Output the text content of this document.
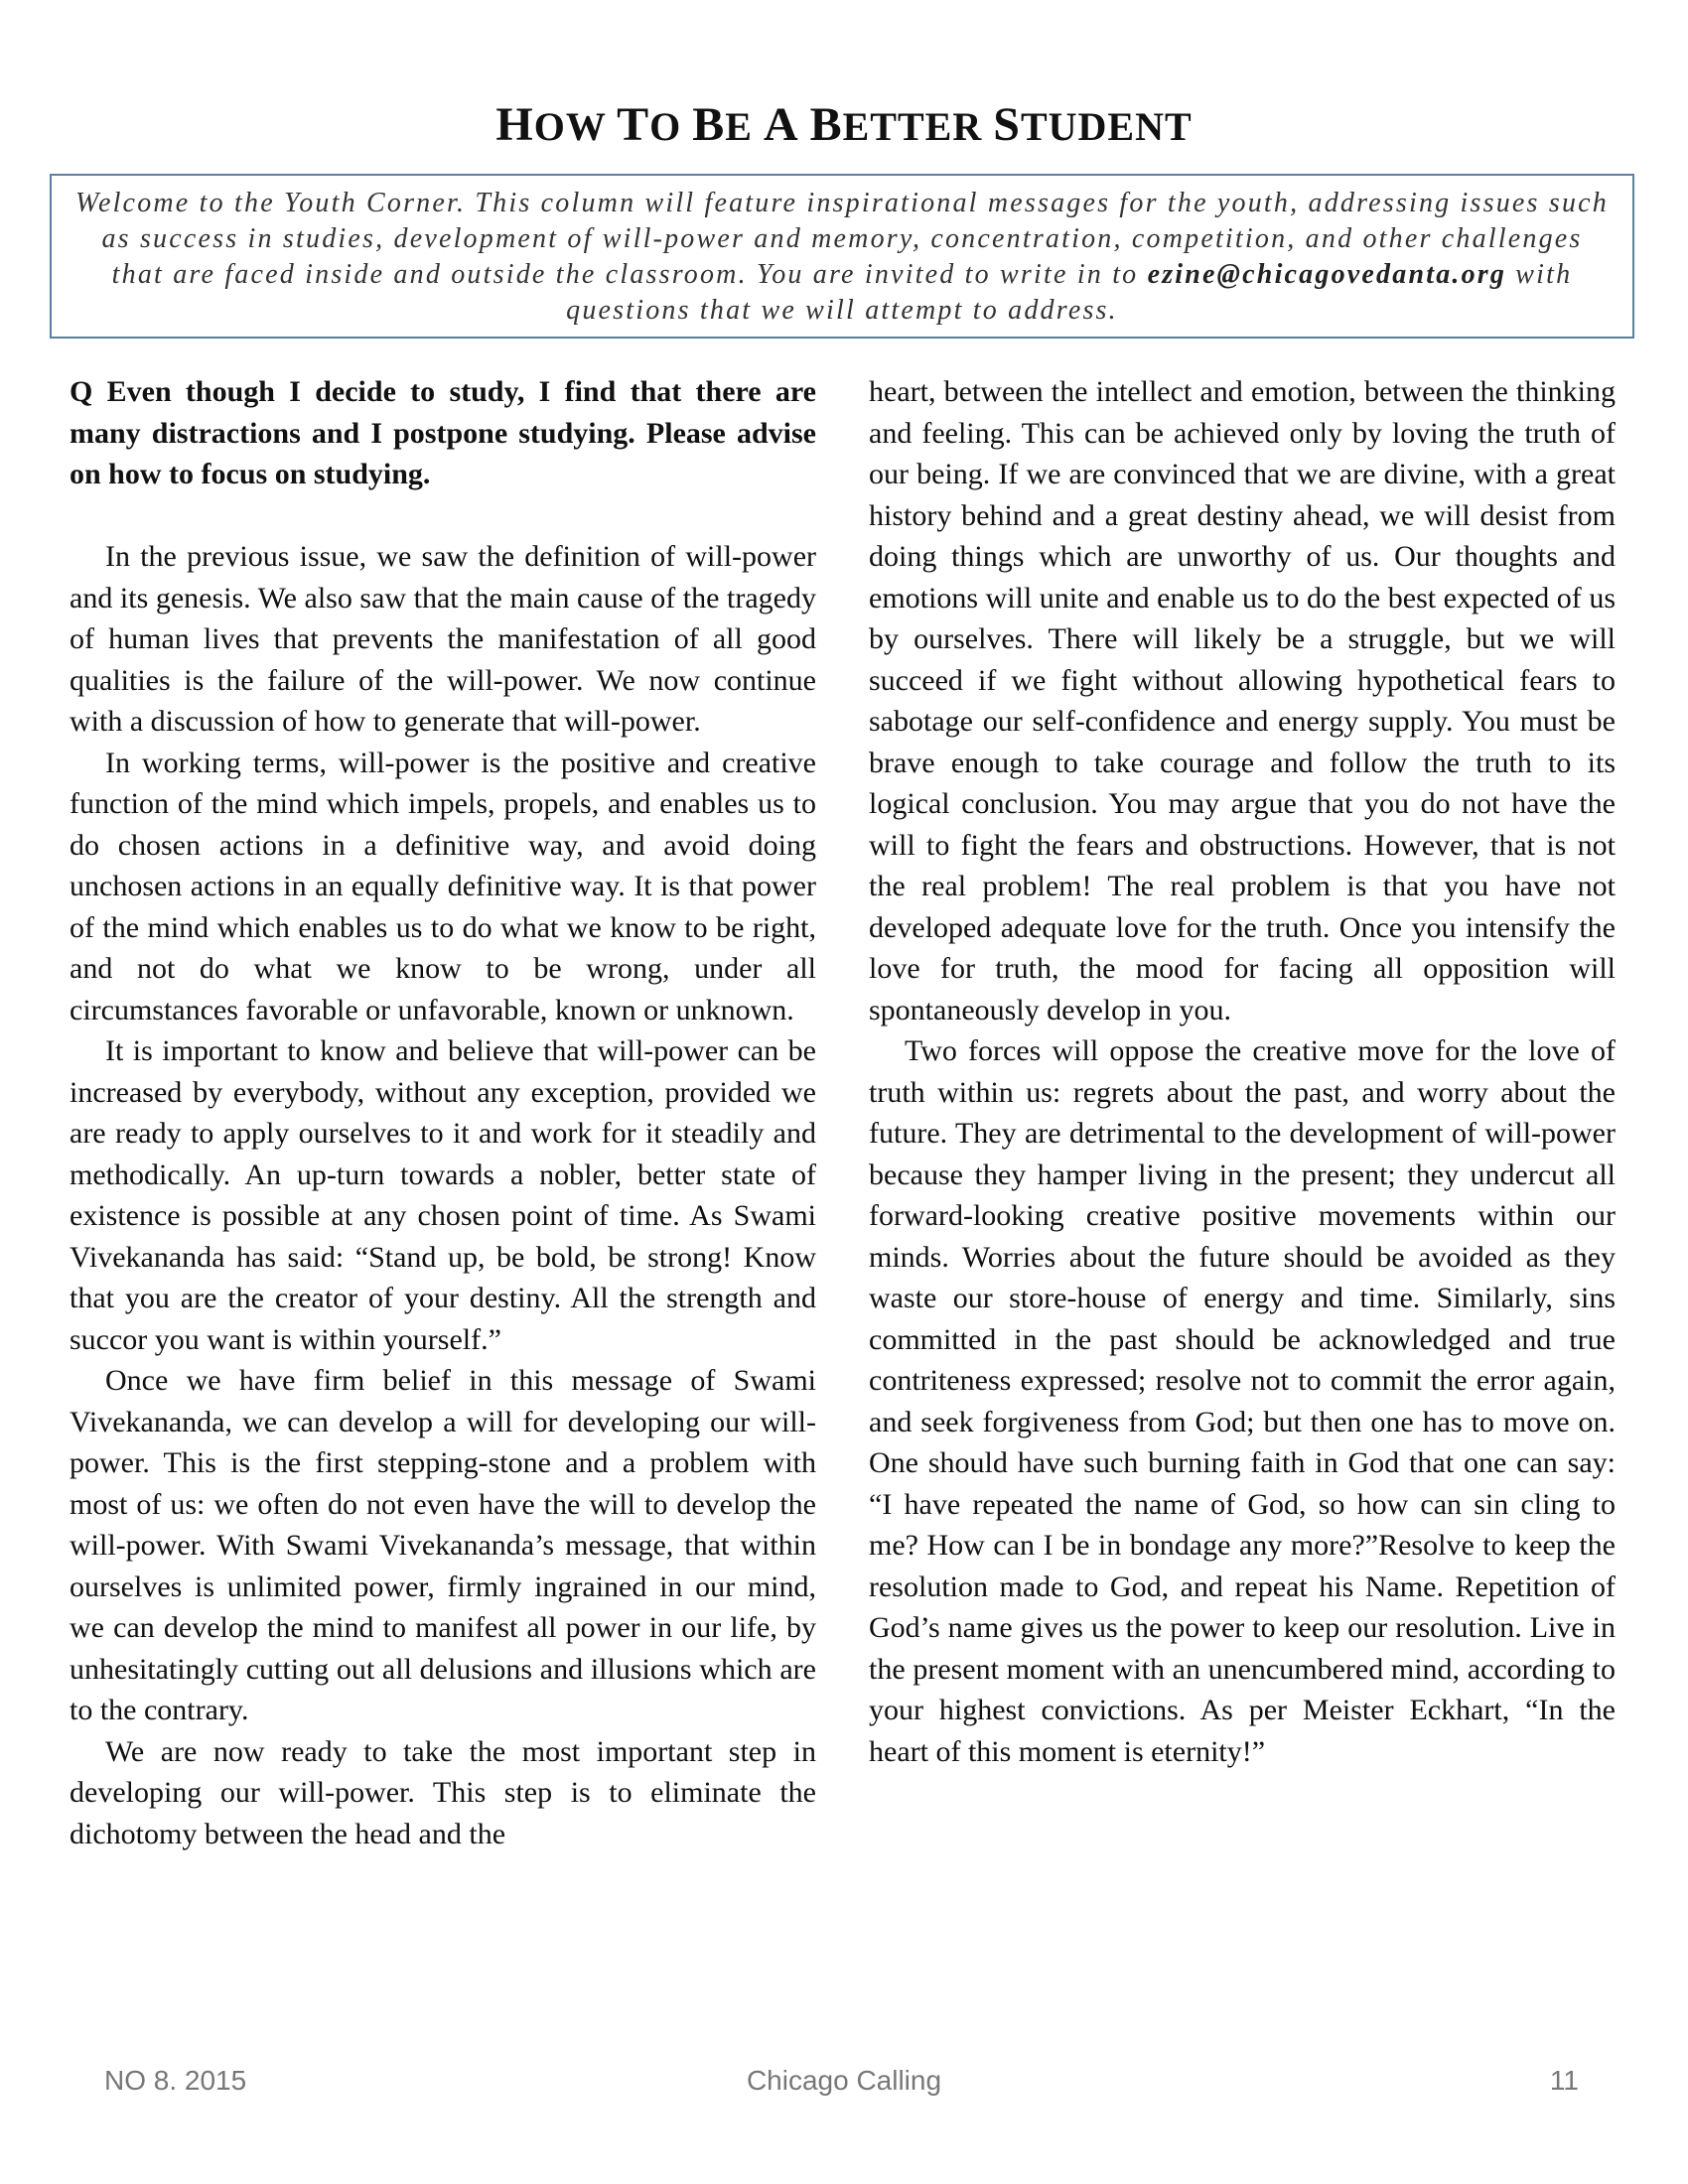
HOW TO BE A BETTER STUDENT
Welcome to the Youth Corner. This column will feature inspirational messages for the youth, addressing issues such as success in studies, development of will-power and memory, concentration, competition, and other challenges that are faced inside and outside the classroom. You are invited to write in to ezine@chicagovedanta.org with questions that we will attempt to address.

Q Even though I decide to study, I find that there are many distractions and I postpone studying. Please advise on how to focus on studying.

In the previous issue, we saw the definition of will-power and its genesis. We also saw that the main cause of the tragedy of human lives that prevents the manifestation of all good qualities is the failure of the will-power. We now continue with a discussion of how to generate that will-power.

In working terms, will-power is the positive and creative function of the mind which impels, propels, and enables us to do chosen actions in a definitive way, and avoid doing unchosen actions in an equally definitive way. It is that power of the mind which enables us to do what we know to be right, and not do what we know to be wrong, under all circumstances favorable or unfavorable, known or unknown.

It is important to know and believe that will-power can be increased by everybody, without any exception, provided we are ready to apply ourselves to it and work for it steadily and methodically. An up-turn towards a nobler, better state of existence is possible at any chosen point of time. As Swami Vivekananda has said: “Stand up, be bold, be strong! Know that you are the creator of your destiny. All the strength and succor you want is within yourself.”

Once we have firm belief in this message of Swami Vivekananda, we can develop a will for developing our will-power. This is the first stepping-stone and a problem with most of us: we often do not even have the will to develop the will-power. With Swami Vivekananda’s message, that within ourselves is unlimited power, firmly ingrained in our mind, we can develop the mind to manifest all power in our life, by unhesitatingly cutting out all delusions and illusions which are to the contrary.

We are now ready to take the most important step in developing our will-power. This step is to eliminate the dichotomy between the head and the

heart, between the intellect and emotion, between the thinking and feeling. This can be achieved only by loving the truth of our being. If we are convinced that we are divine, with a great history behind and a great destiny ahead, we will desist from doing things which are unworthy of us. Our thoughts and emotions will unite and enable us to do the best expected of us by ourselves. There will likely be a struggle, but we will succeed if we fight without allowing hypothetical fears to sabotage our self-confidence and energy supply. You must be brave enough to take courage and follow the truth to its logical conclusion. You may argue that you do not have the will to fight the fears and obstructions. However, that is not the real problem! The real problem is that you have not developed adequate love for the truth. Once you intensify the love for truth, the mood for facing all opposition will spontaneously develop in you.

Two forces will oppose the creative move for the love of truth within us: regrets about the past, and worry about the future. They are detrimental to the development of will-power because they hamper living in the present; they undercut all forward-looking creative positive movements within our minds. Worries about the future should be avoided as they waste our store-house of energy and time. Similarly, sins committed in the past should be acknowledged and true contriteness expressed; resolve not to commit the error again, and seek forgiveness from God; but then one has to move on. One should have such burning faith in God that one can say: “I have repeated the name of God, so how can sin cling to me? How can I be in bondage any more?”Resolve to keep the resolution made to God, and repeat his Name. Repetition of God’s name gives us the power to keep our resolution. Live in the present moment with an unencumbered mind, according to your highest convictions. As per Meister Eckhart, “In the heart of this moment is eternity!”

NO 8. 2015	Chicago Calling	11
